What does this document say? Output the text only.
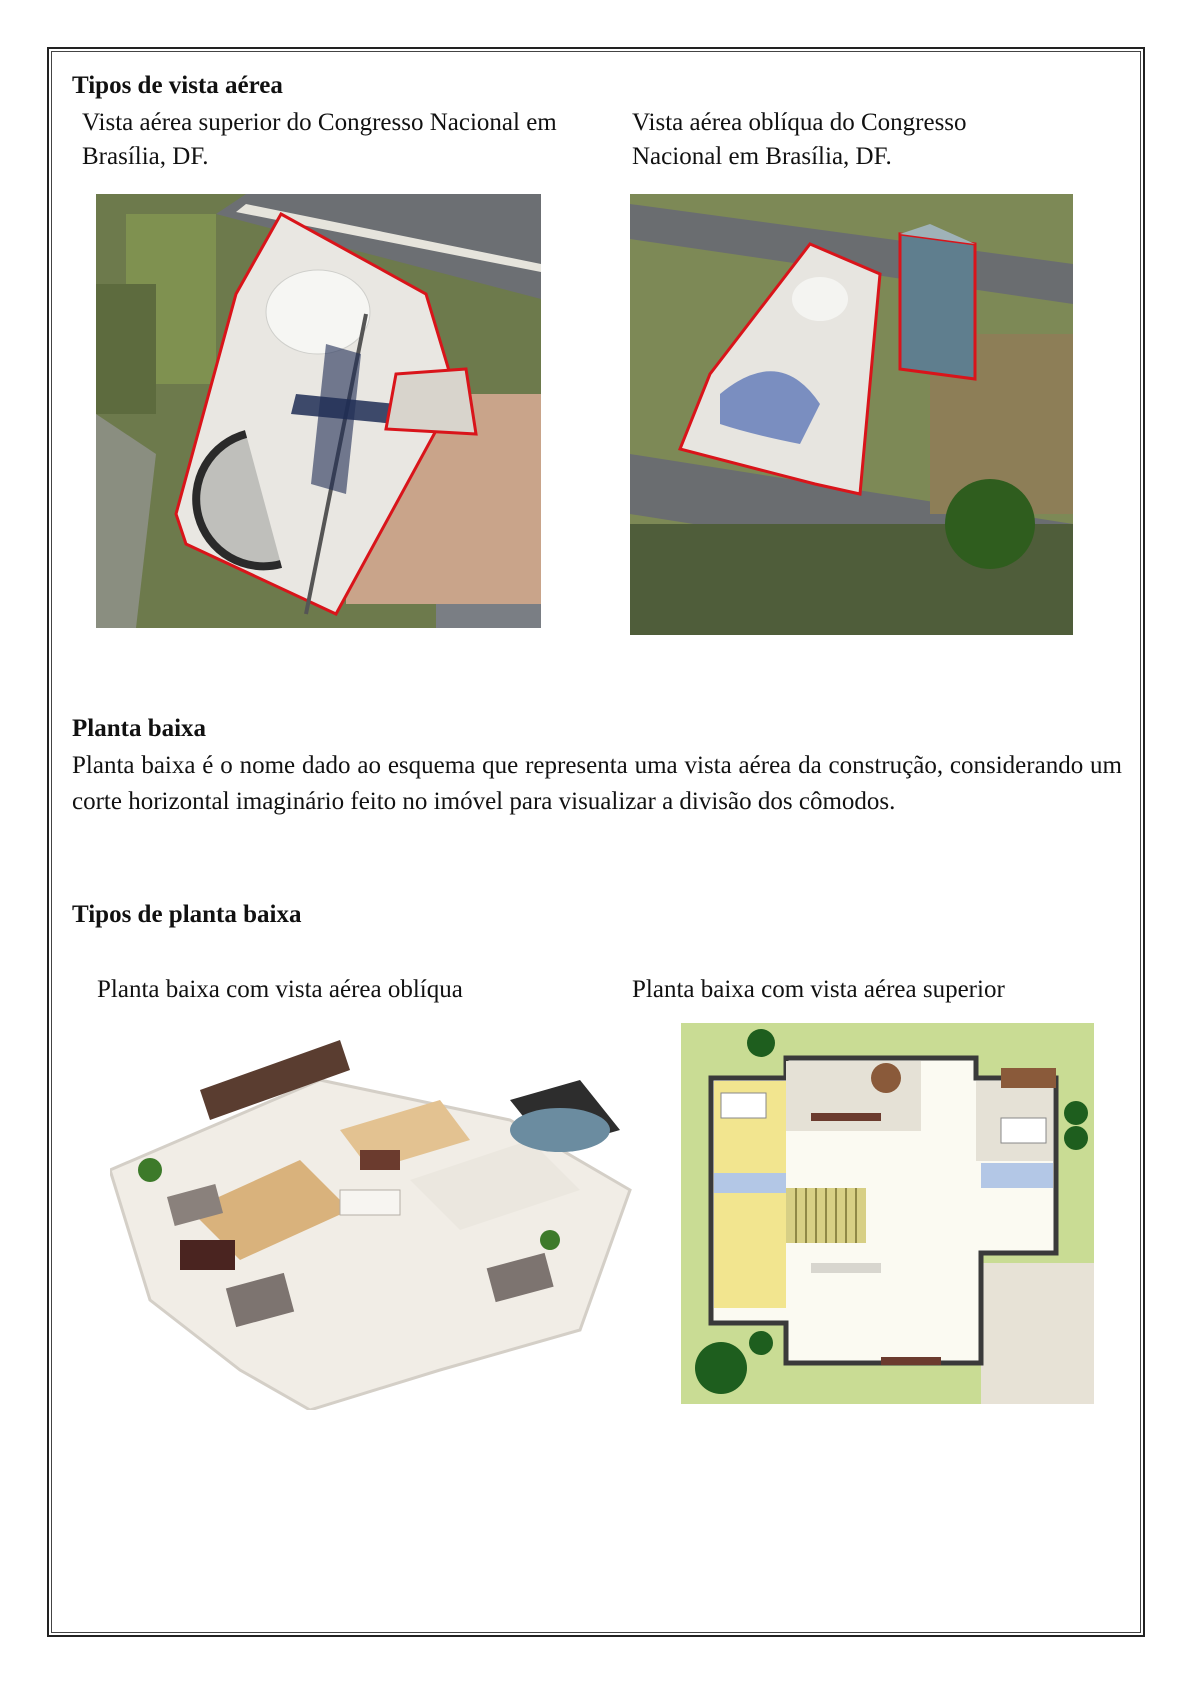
Tipos de vista aérea
Vista aérea superior do Congresso Nacional em Brasília, DF.
Vista aérea oblíqua do Congresso Nacional em Brasília, DF.
Planta baixa
Planta baixa é o nome dado ao esquema que representa uma vista aérea da construção, considerando um corte horizontal imaginário feito no imóvel para visualizar a divisão dos cômodos.
Tipos de planta baixa
Planta baixa com vista aérea oblíqua	Planta baixa com vista aérea superior
